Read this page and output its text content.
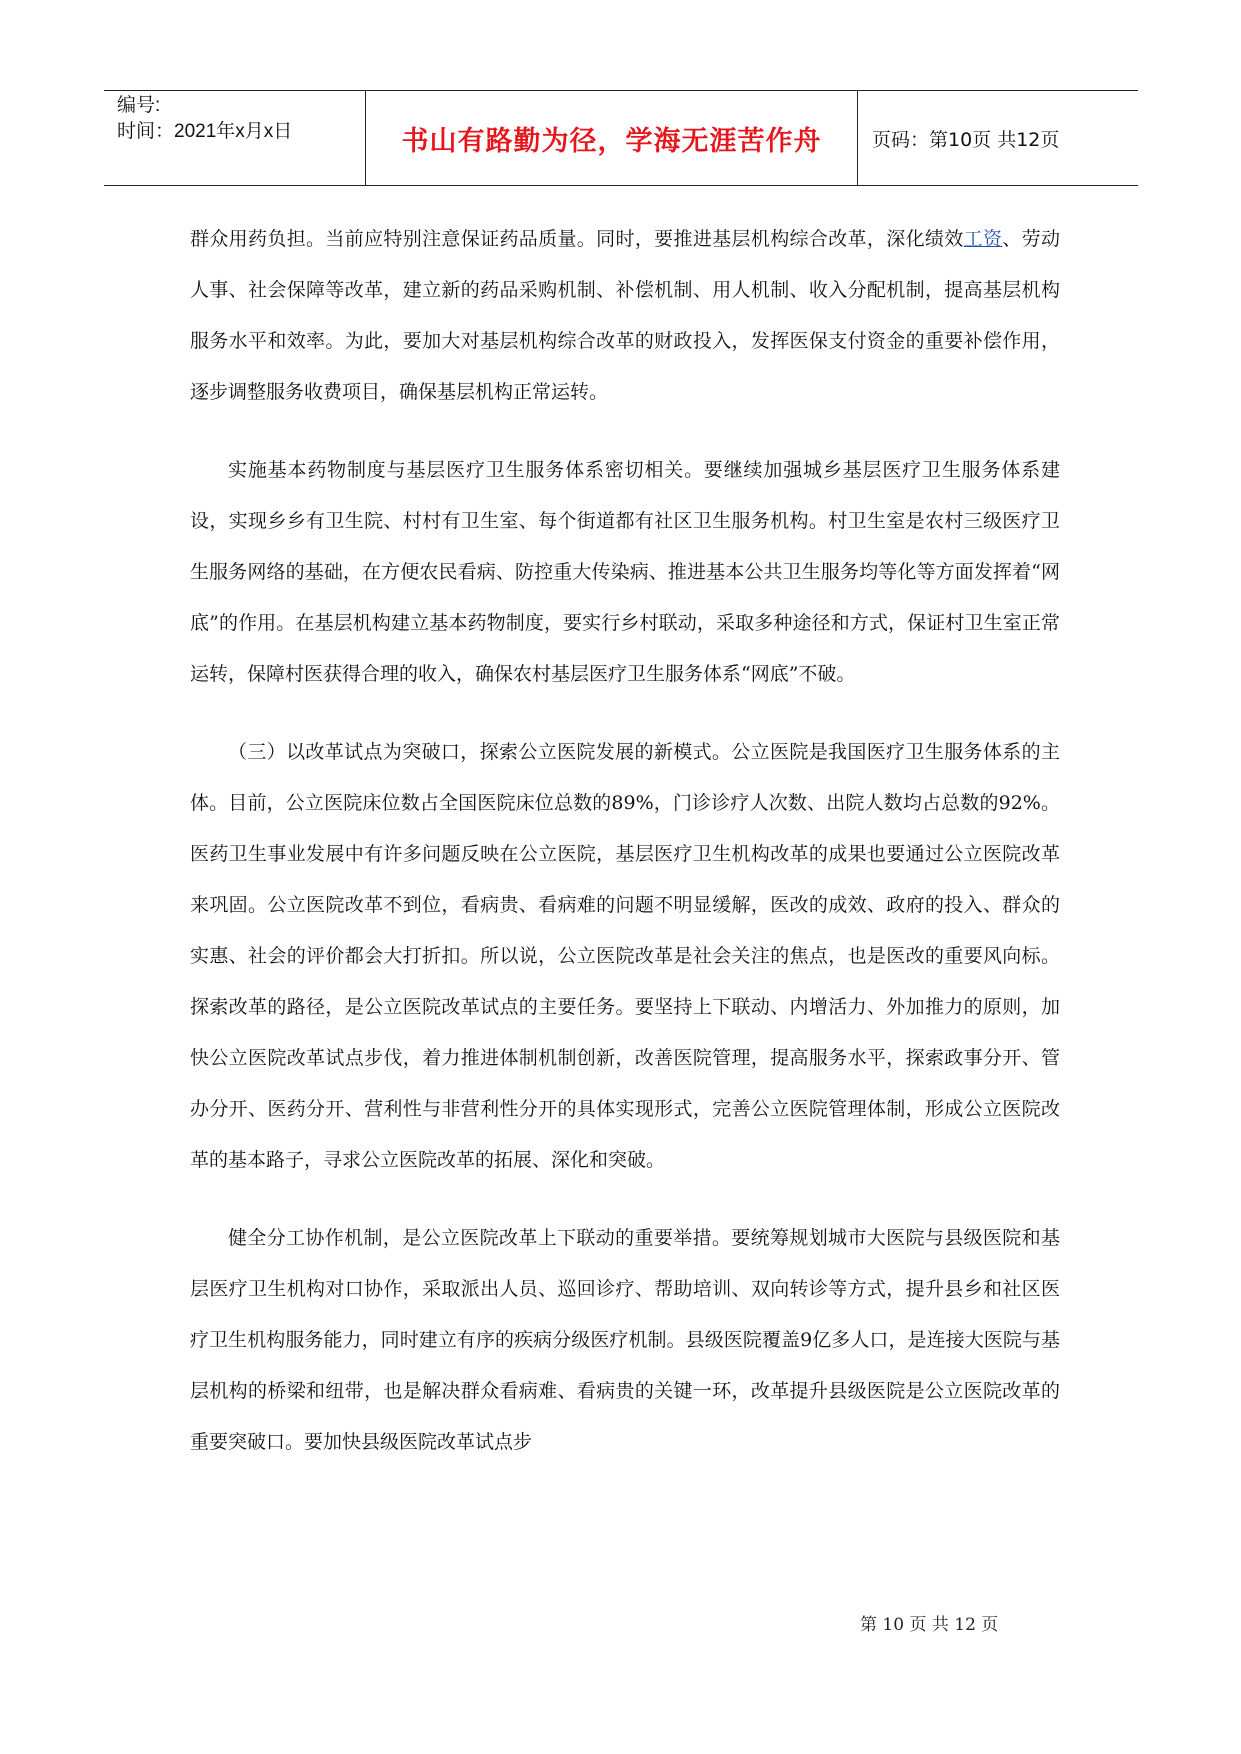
编号:
时间：2021年x月x日	书山有路勤为径，学海无涯苦作舟	页码：第10页 共12页

群众用药负担。当前应特别注意保证药品质量。同时，要推进基层机构综合改革，深化绩效工资、劳动人事、社会保障等改革，建立新的药品采购机制、补偿机制、用人机制、收入分配机制，提高基层机构服务水平和效率。为此，要加大对基层机构综合改革的财政投入，发挥医保支付资金的重要补偿作用，逐步调整服务收费项目，确保基层机构正常运转。

实施基本药物制度与基层医疗卫生服务体系密切相关。要继续加强城乡基层医疗卫生服务体系建设，实现乡乡有卫生院、村村有卫生室、每个街道都有社区卫生服务机构。村卫生室是农村三级医疗卫生服务网络的基础，在方便农民看病、防控重大传染病、推进基本公共卫生服务均等化等方面发挥着“网底”的作用。在基层机构建立基本药物制度，要实行乡村联动，采取多种途径和方式，保证村卫生室正常运转，保障村医获得合理的收入，确保农村基层医疗卫生服务体系“网底”不破。

（三）以改革试点为突破口，探索公立医院发展的新模式。公立医院是我国医疗卫生服务体系的主体。目前，公立医院床位数占全国医院床位总数的89%，门诊诊疗人次数、出院人数均占总数的92%。医药卫生事业发展中有许多问题反映在公立医院，基层医疗卫生机构改革的成果也要通过公立医院改革来巩固。公立医院改革不到位，看病贵、看病难的问题不明显缓解，医改的成效、政府的投入、群众的实惠、社会的评价都会大打折扣。所以说，公立医院改革是社会关注的焦点，也是医改的重要风向标。探索改革的路径，是公立医院改革试点的主要任务。要坚持上下联动、内增活力、外加推力的原则，加快公立医院改革试点步伐，着力推进体制机制创新，改善医院管理，提高服务水平，探索政事分开、管办分开、医药分开、营利性与非营利性分开的具体实现形式，完善公立医院管理体制，形成公立医院改革的基本路子，寻求公立医院改革的拓展、深化和突破。

健全分工协作机制，是公立医院改革上下联动的重要举措。要统筹规划城市大医院与县级医院和基层医疗卫生机构对口协作，采取派出人员、巡回诊疗、帮助培训、双向转诊等方式，提升县乡和社区医疗卫生机构服务能力，同时建立有序的疾病分级医疗机制。县级医院覆盖9亿多人口，是连接大医院与基层机构的桥梁和纽带，也是解决群众看病难、看病贵的关键一环，改革提升县级医院是公立医院改革的重要突破口。要加快县级医院改革试点步

第 10 页 共 12 页
